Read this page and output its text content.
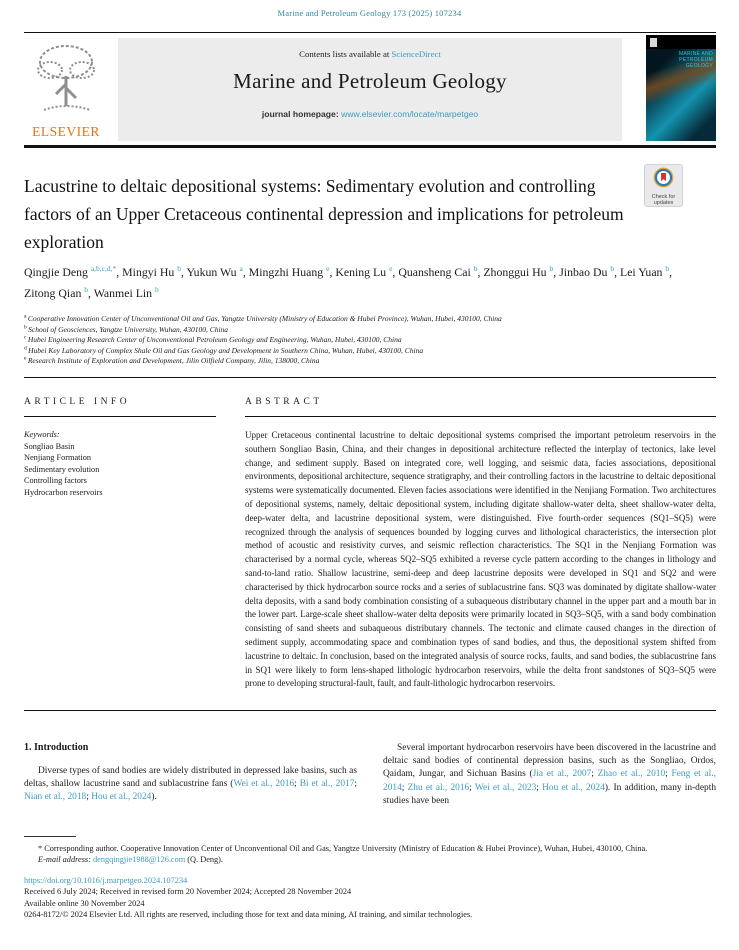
Marine and Petroleum Geology 173 (2025) 107234
ELSEVIER
Contents lists available at ScienceDirect
Marine and Petroleum Geology
journal homepage: www.elsevier.com/locate/marpetgeo
MARINE AND
PETROLEUM
GEOLOGY
Lacustrine to deltaic depositional systems: Sedimentary evolution and controlling factors of an Upper Cretaceous continental depression and implications for petroleum exploration
Check for
updates
Qingjie Deng $^{a,b,c,d,*}$, Mingyi Hu $^b$, Yukun Wu $^a$, Mingzhi Huang $^e$, Kening Lu $^e$, Quansheng Cai $^b$, Zhonggui Hu $^b$, Jinbao Du $^b$, Lei Yuan $^b$, Zitong Qian $^b$, Wanmei Lin $^b$
$^a$ Cooperative Innovation Center of Unconventional Oil and Gas, Yangtze University (Ministry of Education & Hubei Province), Wuhan, Hubei, 430100, China
$^b$ School of Geosciences, Yangtze University, Wuhan, 430100, China
$^c$ Hubei Engineering Research Center of Unconventional Petroleum Geology and Engineering, Wuhan, Hubei, 430100, China
$^d$ Hubei Key Laboratory of Complex Shale Oil and Gas Geology and Development in Southern China, Wuhan, Hubei, 430100, China
$^e$ Research Institute of Exploration and Development, Jilin Oilfield Company, Jilin, 138000, China
ARTICLE INFO	ABSTRACT
Keywords:
Songliao Basin
Nenjiang Formation
Sedimentary evolution
Controlling factors
Hydrocarbon reservoirs
Upper Cretaceous continental lacustrine to deltaic depositional systems comprised the important petroleum reservoirs in the southern Songliao Basin, China, and their changes in depositional architecture reflected the interplay of tectonics, lake level change, and sediment supply. Based on integrated core, well logging, and seismic data, facies associations, depositional environments, depositional architecture, sequence stratigraphy, and their controlling factors in the lacustrine to deltaic depositional systems were systematically documented. Eleven facies associations were identified in the Nenjiang Formation. Two architectures of depositional systems, namely, deltaic depositional system, including digitate shallow-water delta, sheet shallow-water delta, deep-water delta, and lacustrine depositional system, were distinguished. Five fourth-order sequences (SQ1–SQ5) were recognized through the analysis of sequences bounded by logging curves and lithological characteristics, the intersection plot method of acoustic and resistivity curves, and seismic reflection characteristics. The SQ1 in the Nenjiang Formation was characterised by a normal cycle, whereas SQ2–SQ5 exhibited a reverse cycle pattern according to the changes in lithology and sand-to-land ratio. Shallow lacustrine, semi-deep and deep lacustrine deposits were developed in SQ1 and SQ2 and were characterised by thick hydrocarbon source rocks and a series of sublacustrine fans. SQ3 was dominated by digitate shallow-water delta deposits, with a sand body combination consisting of a subaqueous distributary channel in the upper part and a mouth bar in the lower part. Large-scale sheet shallow-water delta deposits were primarily located in SQ3–SQ5, with a sand body combination consisting of sand sheets and subaqueous distributary channels. The tectonic and climate caused changes in the direction of sediment supply, accommodating space and combination types of sand bodies, and thus, the depositional system shifted from lacustrine to deltaic. In conclusion, based on the integrated analysis of source rocks, faults, and sand bodies, the sublacustrine fans in SQ1 were likely to form lens-shaped lithologic hydrocarbon reservoirs, while the delta front sandstones of SQ3–SQ5 were prone to developing structural-fault, fault, and fault-lithologic hydrocarbon reservoirs.
1. Introduction
Diverse types of sand bodies are widely distributed in depressed lake basins, such as deltas, shallow lacustrine sand and sublacustrine fans (Wei et al., 2016; Bi et al., 2017; Nian et al., 2018; Hou et al., 2024).
Several important hydrocarbon reservoirs have been discovered in the lacustrine and deltaic sand bodies of continental depression basins, such as the Songliao, Ordos, Qaidam, Jungar, and Sichuan Basins (Jia et al., 2007; Zhao et al., 2010; Feng et al., 2014; Zhu et al., 2016; Wei et al., 2023; Hou et al., 2024). In addition, many in-depth studies have been
* Corresponding author. Cooperative Innovation Center of Unconventional Oil and Gas, Yangtze University (Ministry of Education & Hubei Province), Wuhan, Hubei, 430100, China.
E-mail address: dengqingjie1988@126.com (Q. Deng).
https://doi.org/10.1016/j.marpetgeo.2024.107234
Received 6 July 2024; Received in revised form 20 November 2024; Accepted 28 November 2024
Available online 30 November 2024
0264-8172/© 2024 Elsevier Ltd. All rights are reserved, including those for text and data mining, AI training, and similar technologies.
